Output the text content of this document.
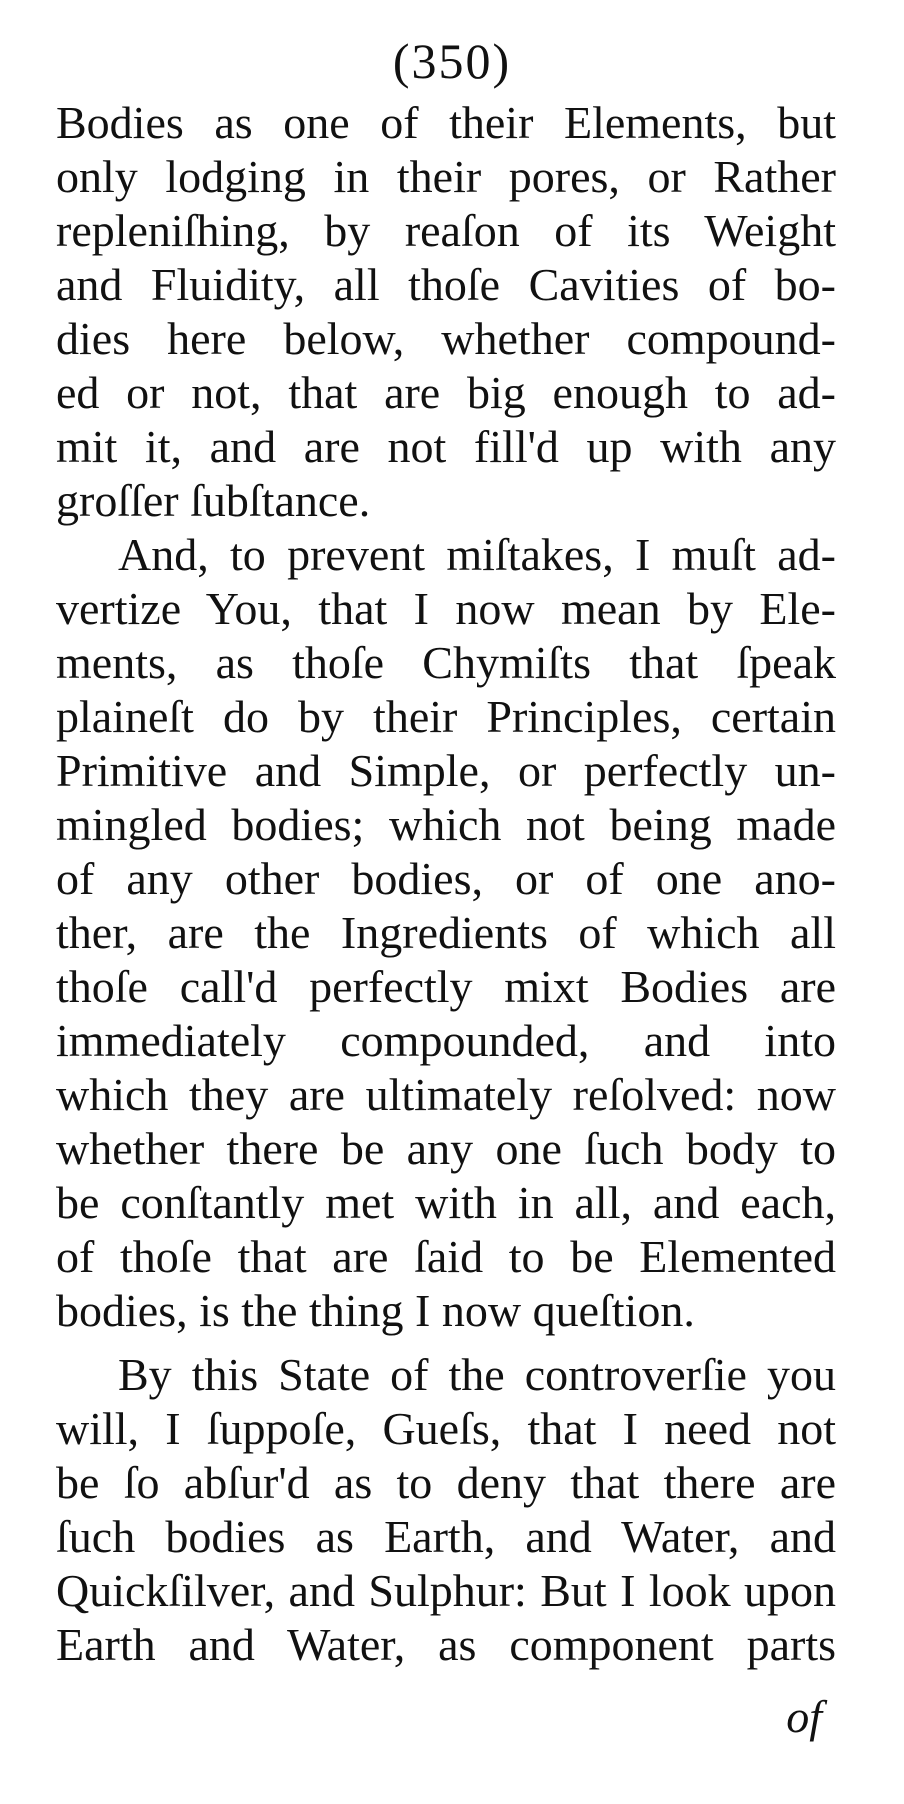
(350)
Bodies as one of their Elements, but
only lodging in their pores, or Rather
repleniſhing, by reaſon of its Weight
and Fluidity, all thoſe Cavities of bo-
dies here below, whether compound-
ed or not, that are big enough to ad-
mit it, and are not fill'd up with any
groſſer ſubſtance.
And, to prevent miſtakes, I muſt ad-
vertize You, that I now mean by Ele-
ments, as thoſe Chymiſts that ſpeak
plaineſt do by their Principles, certain
Primitive and Simple, or perfectly un-
mingled bodies; which not being made
of any other bodies, or of one ano-
ther, are the Ingredients of which all
thoſe call'd perfectly mixt Bodies are
immediately compounded, and into
which they are ultimately reſolved: now
whether there be any one ſuch body to
be conſtantly met with in all, and each,
of thoſe that are ſaid to be Elemented
bodies, is the thing I now queſtion.
By this State of the controverſie you
will, I ſuppoſe, Gueſs, that I need not
be ſo abſur'd as to deny that there are
ſuch bodies as Earth, and Water, and
Quickſilver, and Sulphur: But I look upon
Earth and Water, as component parts
of
